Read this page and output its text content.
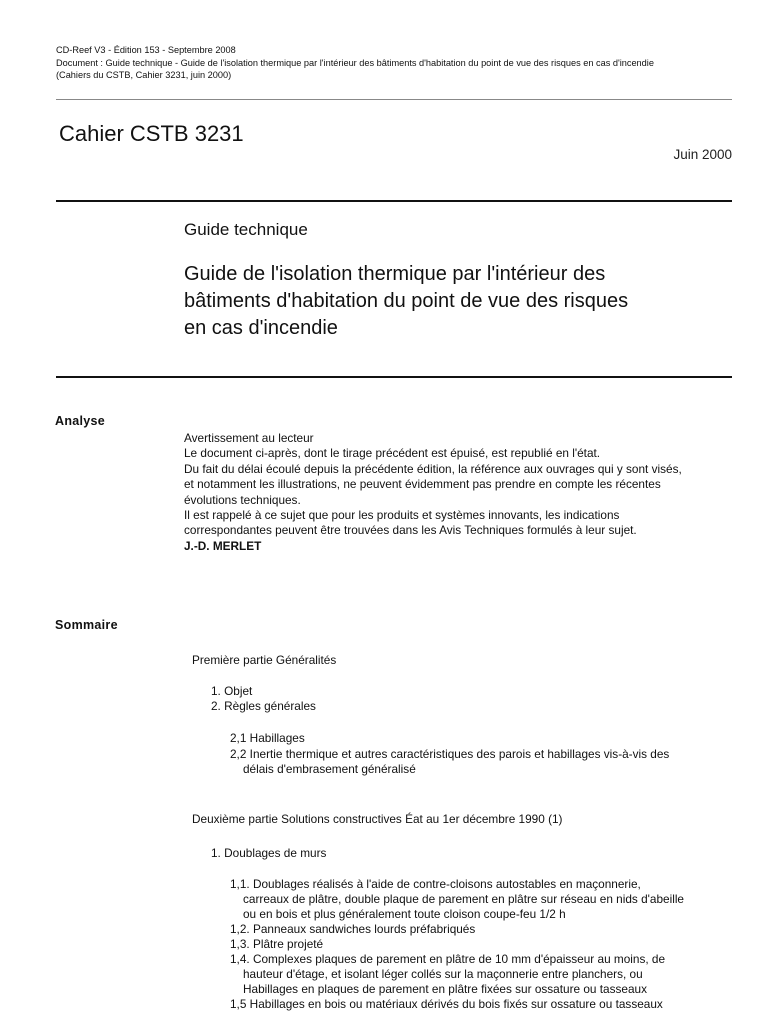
CD-Reef V3 - Édition 153 - Septembre 2008
Document : Guide technique - Guide de l'isolation thermique par l'intérieur des bâtiments d'habitation du point de vue des risques en cas d'incendie
(Cahiers du CSTB, Cahier 3231, juin 2000)
Cahier CSTB 3231
Juin 2000
Guide technique
Guide de l'isolation thermique par l'intérieur des
bâtiments d'habitation du point de vue des risques
en cas d'incendie
Analyse
Avertissement au lecteur
Le document ci-après, dont le tirage précédent est épuisé, est republié en l'état.
Du fait du délai écoulé depuis la précédente édition, la référence aux ouvrages qui y sont visés,
et notamment les illustrations, ne peuvent évidemment pas prendre en compte les récentes
évolutions techniques.
Il est rappelé à ce sujet que pour les produits et systèmes innovants, les indications
correspondantes peuvent être trouvées dans les Avis Techniques formulés à leur sujet.
J.-D. MERLET
Sommaire
Première partie Généralités
1. Objet
2. Règles générales
2,1 Habillages
2,2 Inertie thermique et autres caractéristiques des parois et habillages vis-à-vis des
délais d'embrasement généralisé
Deuxième partie Solutions constructives Éat au 1er décembre 1990 (1)
1. Doublages de murs
1,1. Doublages réalisés à l'aide de contre-cloisons autostables en maçonnerie,
carreaux de plâtre, double plaque de parement en plâtre sur réseau en nids d'abeille
ou en bois et plus généralement toute cloison coupe-feu 1/2 h
1,2. Panneaux sandwiches lourds préfabriqués
1,3. Plâtre projeté
1,4. Complexes plaques de parement en plâtre de 10 mm d'épaisseur au moins, de
hauteur d'étage, et isolant léger collés sur la maçonnerie entre planchers, ou
Habillages en plaques de parement en plâtre fixées sur ossature ou tasseaux
1,5 Habillages en bois ou matériaux dérivés du bois fixés sur ossature ou tasseaux
